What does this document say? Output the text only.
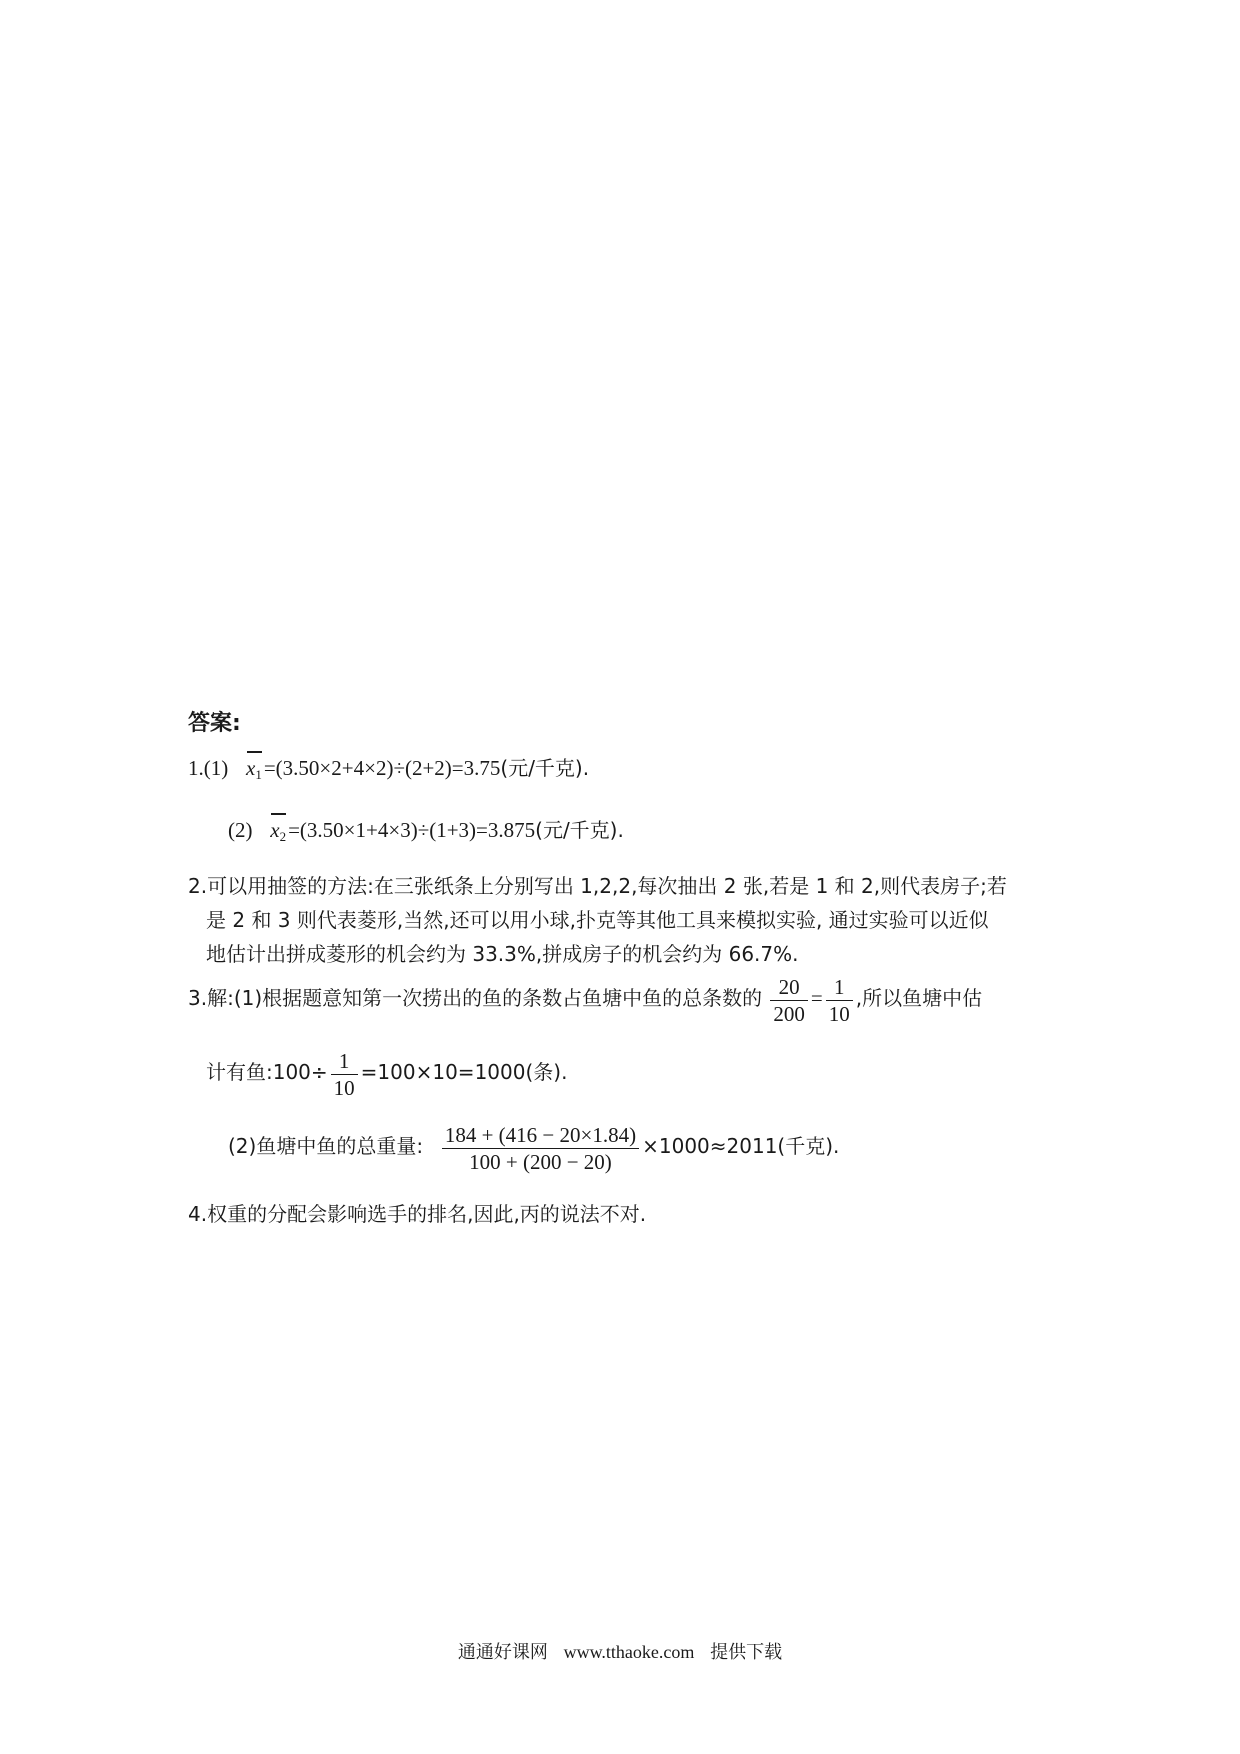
答案:
1.(1) $x_1=(3.50\times 2+4\times 2)\div(2+2)=3.75$(元/千克).
(2) $x_2=(3.50\times 1+4\times 3)\div(1+3)=3.875$(元/千克).
2.可以用抽签的方法:在三张纸条上分别写出 1,2,2,每次抽出 2 张,若是 1 和 2,则代表房子;若
是 2 和 3 则代表菱形,当然,还可以用小球,扑克等其他工具来模拟实验, 通过实验可以近似
地估计出拼成菱形的机会约为 33.3%,拼成房子的机会约为 66.7%.
3.解:(1)根据题意知第一次捞出的鱼的条数占鱼塘中鱼的总条数的 $\frac{20}{200} = \frac{1}{10}$ ,所以鱼塘中估
计有鱼:100÷ $\frac{1}{10} =100\times 10=1000$(条).
(2)鱼塘中鱼的总重量: $\frac{184 + (416 - 20\times 1.84)}{100 + (200 - 20)} \times 1000\approx 2011$(千克).
4.权重的分配会影响选手的排名,因此,丙的说法不对.
通通好课网 www.tthaoke.com 提供下载
